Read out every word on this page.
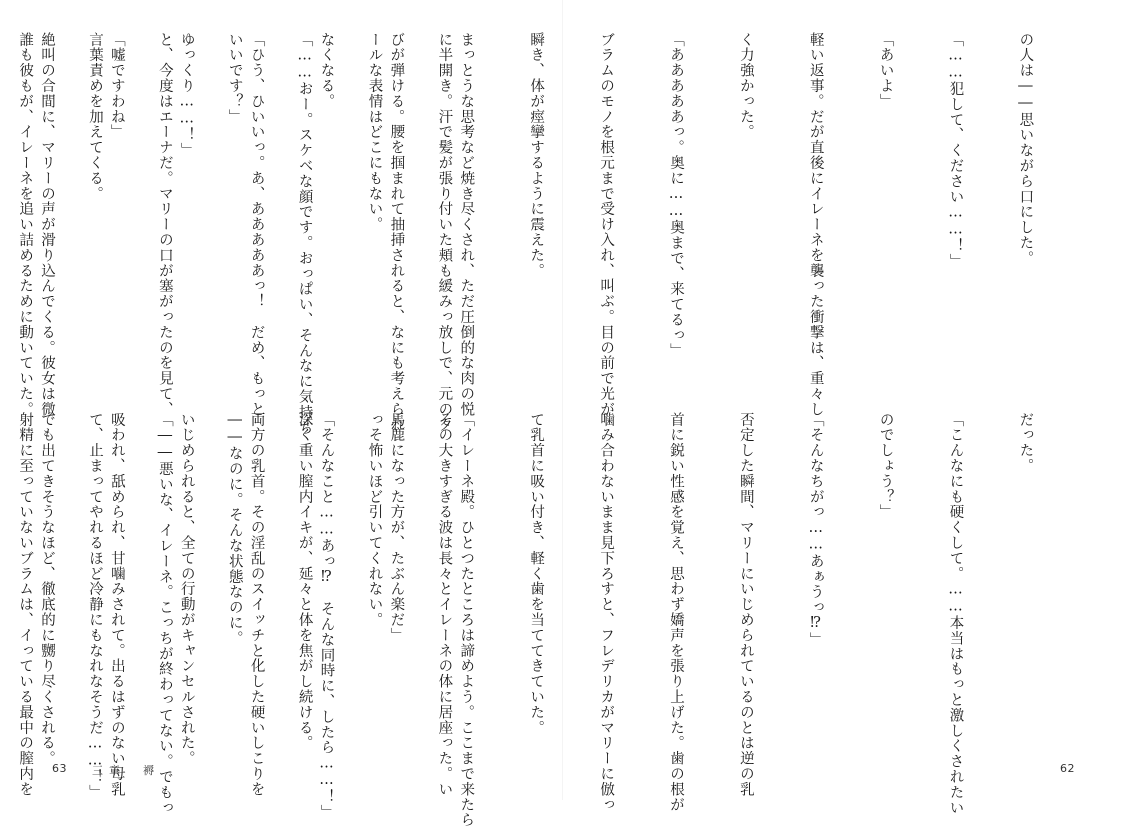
の人は――思いながら口にした。

「……犯して、ください……！」

「あいよ」

軽い返事。だが直後にイレーネを襲った衝撃は、重々し

く力強かった。

「あああああっ。奥に……奥まで、来てるっ」

ブラムのモノを根元まで受け入れ、叫ぶ。目の前で光が

瞬き、体が痙攣するように震えた。

まっとうな思考など焼き尽くされ、ただ圧倒的な肉の悦

びが弾ける。腰を掴まれて抽挿されると、なにも考えられ

なくなる。

「ひう、ひいいっ。あ、あああああっ！　だめ、もっと

ゆっくり……！」

「嘘ですわね」

絶叫の合間に、マリーの声が滑り込んでくる。彼女は微

だった。

「こんなにも硬くして。……本当はもっと激しくされたい

のでしょう？」

「そんなちがっ……あぁうっ⁉」

否定した瞬間、マリーにいじめられているのとは逆の乳

首に鋭い性感を覚え、思わず嬌声を張り上げた。歯の根が

噛み合わないまま見下ろすと、フレデリカがマリーに倣っ

て乳首に吸い付き、軽く歯を当ててきていた。

「イレーネ殿。ひとつたところは諦めよう。ここまで来たら

馬鹿になった方が、たぶん楽だ」

「そんなこと……あっ⁉　そんな同時に、したら……！」

両方の乳首。その淫乱のスイッチと化した硬いしこりを

いじめられると、全ての行動がキャンセルされた。

吸われ、舐められ、甘噛みされて。出るはずのない母乳

でも出てきそうなほど、徹底的に嬲り尽くされる。

に半開き。汗で髪が張り付いた頬も緩みっ放しで、元のク

ールな表情はどこにもない。

「……おー。スケベな顔です。おっぱい、そんなに気持ち

いいです？」

と、今度はエーナだ。マリーの口が塞がったのを見て、

言葉責めを加えてくる。

誰も彼もが、イレーネを追い詰めるために動いていた。

その大きすぎる波は長々とイレーネの体に居座った。い

っそ怖いほど引いてくれない。

深く重い膣内イキが、延々と体を焦がし続ける。

――なのに。そんな状態なのに。

「――悪いな、イレーネ。こっちが終わってない。でもっ

て、止まってやれるほど冷静にもなれなそうだ……！」

射精に至っていないブラムは、イっている最中の膣内を

63 三章　褥	62
